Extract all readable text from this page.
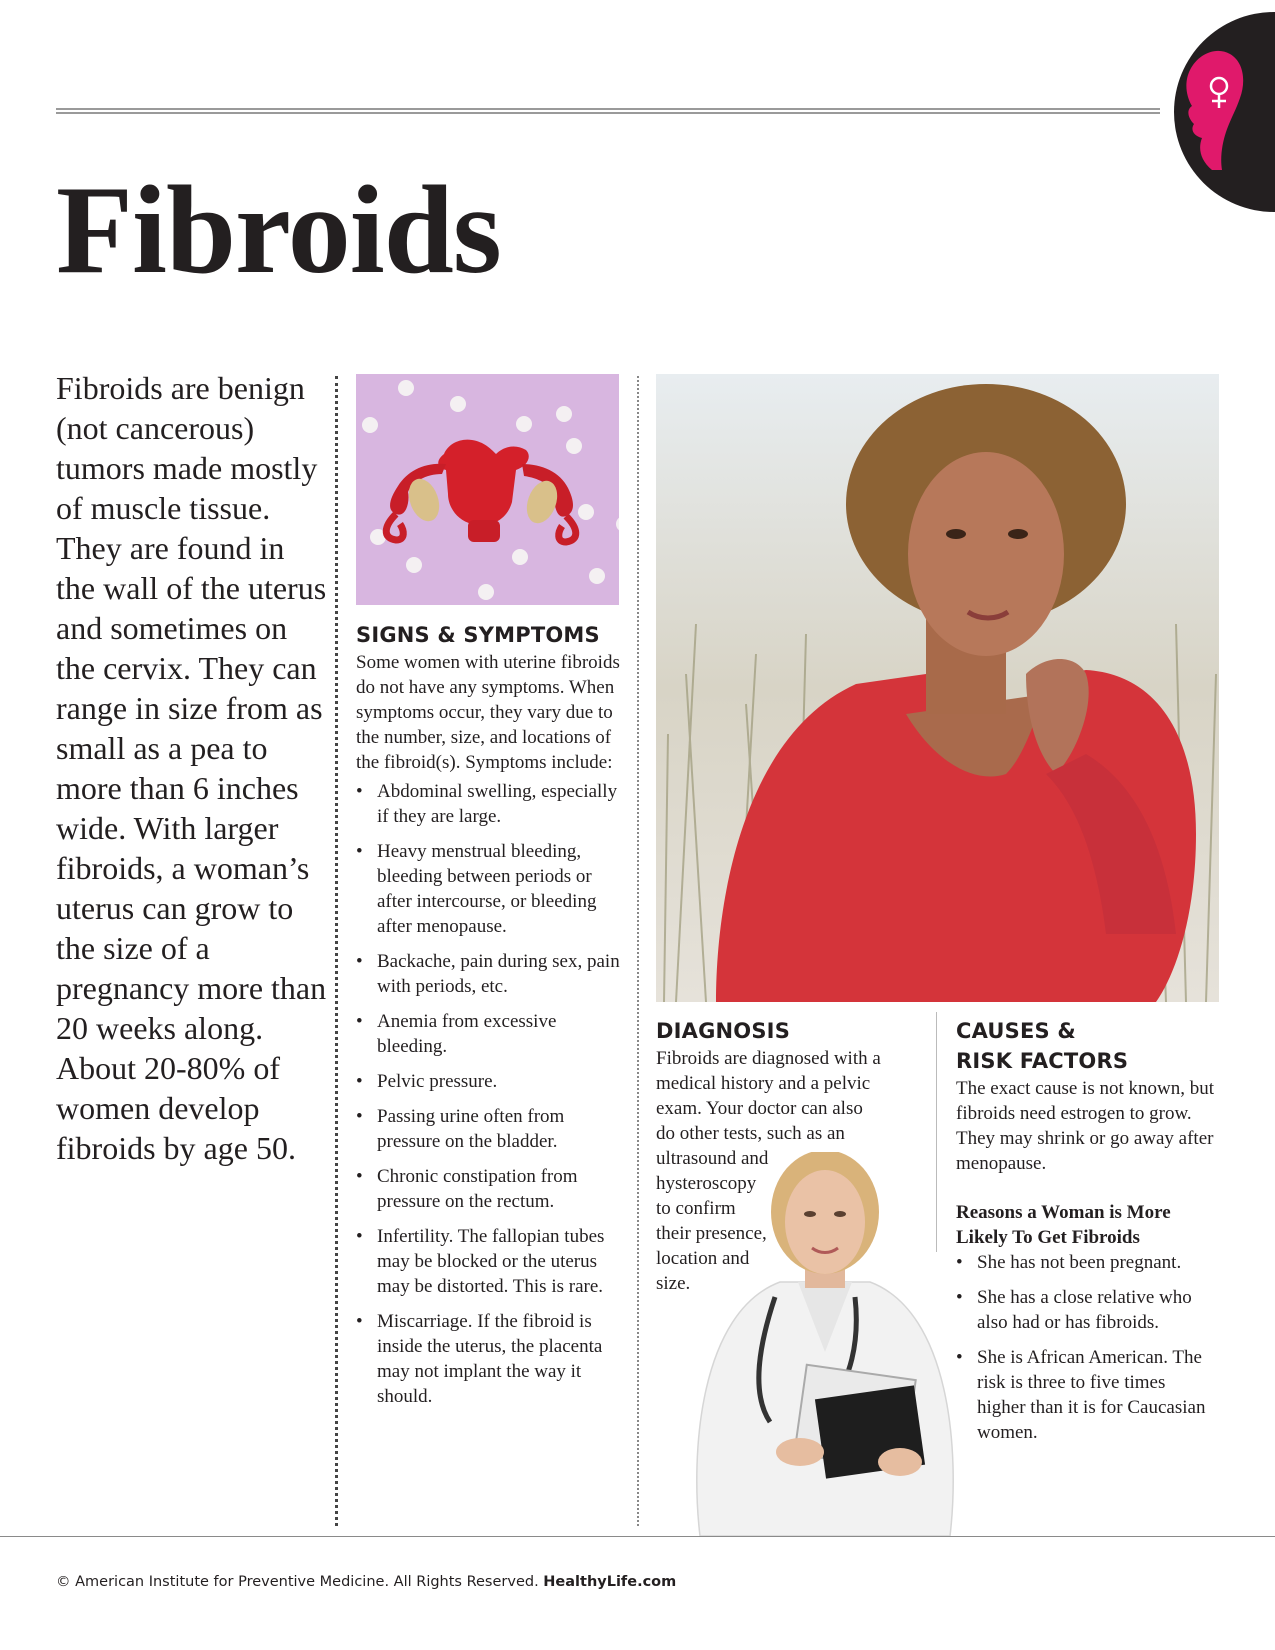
Fibroids

Fibroids are benign (not cancerous) tumors made mostly of muscle tissue. They are found in the wall of the uterus and sometimes on the cervix. They can range in size from as small as a pea to more than 6 inches wide. With larger fibroids, a woman’s uterus can grow to the size of a pregnancy more than 20 weeks along. About 20-80% of women develop fibroids by age 50.

SIGNS & SYMPTOMS

Some women with uterine fibroids do not have any symptoms. When symptoms occur, they vary due to the number, size, and locations of the fibroid(s). Symptoms include:

• Abdominal swelling, especially if they are large.
• Heavy menstrual bleeding, bleeding between periods or after intercourse, or bleeding after menopause.
• Backache, pain during sex, pain with periods, etc.
• Anemia from excessive bleeding.
• Pelvic pressure.
• Passing urine often from pressure on the bladder.
• Chronic constipation from pressure on the rectum.
• Infertility. The fallopian tubes may be blocked or the uterus may be distorted. This is rare.
• Miscarriage. If the fibroid is inside the uterus, the placenta may not implant the way it should.
DIAGNOSIS
Fibroids are diagnosed with a
medical history and a pelvic
exam. Your doctor can also
do other tests, such as an
ultrasound and
hysteroscopy
to confirm
their presence,
location and
size.
CAUSES &
RISK FACTORS

The exact cause is not known, but fibroids need estrogen to grow. They may shrink or go away after menopause.

Reasons a Woman is More Likely To Get Fibroids

• She has not been pregnant.
• She has a close relative who also had or has fibroids.
• She is African American. The risk is three to five times higher than it is for Caucasian women.
© American Institute for Preventive Medicine. All Rights Reserved. HealthyLife.com
